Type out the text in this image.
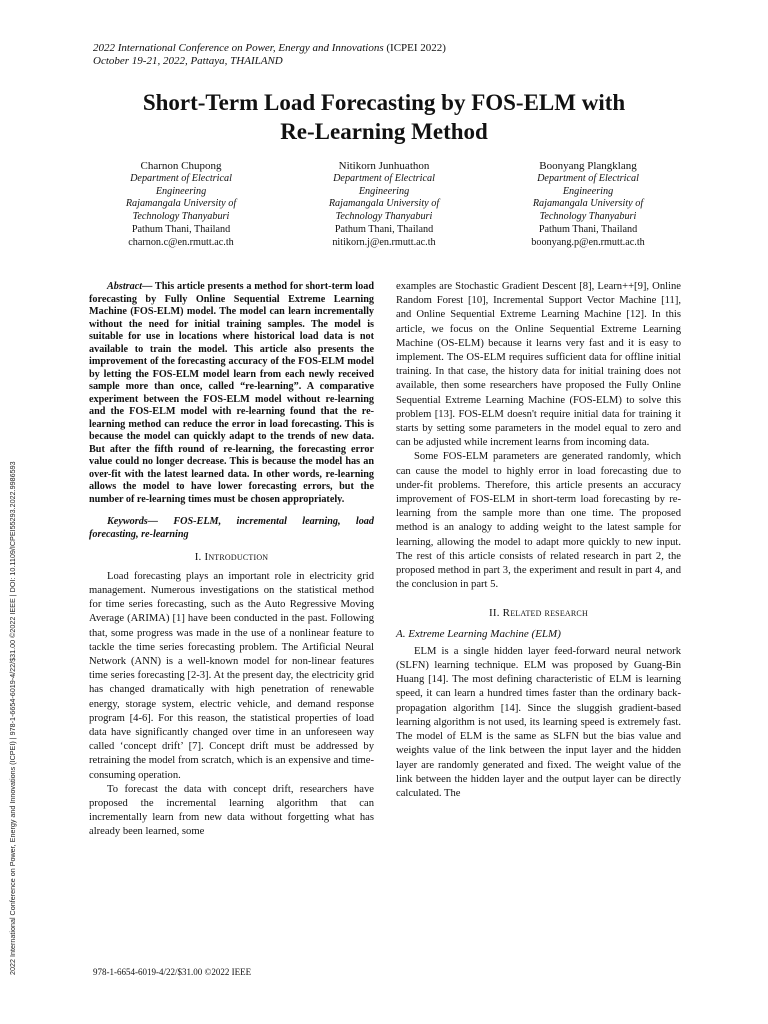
2022 International Conference on Power, Energy and Innovations (ICPEI) | 978-1-6654-6019-4/22/$31.00 ©2022 IEEE | DOI: 10.1109/ICPEI55293.2022.9986593
2022 International Conference on Power, Energy and Innovations (ICPEI 2022)
October 19-21, 2022, Pattaya, THAILAND
Short-Term Load Forecasting by FOS-ELM with
Re-Learning Method
Charnon Chupong
Department of Electrical
Engineering
Rajamangala University of
Technology Thanyaburi
Pathum Thani, Thailand
charnon.c@en.rmutt.ac.th
Nitikorn Junhuathon
Department of Electrical
Engineering
Rajamangala University of
Technology Thanyaburi
Pathum Thani, Thailand
nitikorn.j@en.rmutt.ac.th
Boonyang Plangklang
Department of Electrical
Engineering
Rajamangala University of
Technology Thanyaburi
Pathum Thani, Thailand
boonyang.p@en.rmutt.ac.th

Abstract— This article presents a method for short-term load forecasting by Fully Online Sequential Extreme Learning Machine (FOS-ELM) model. The model can learn incrementally without the need for initial training samples. The model is suitable for use in locations where historical load data is not available to train the model. This article also presents the improvement of the forecasting accuracy of the FOS-ELM model by letting the FOS-ELM model learn from each newly received sample more than once, called “re-learning”. A comparative experiment between the FOS-ELM model without re-learning and the FOS-ELM model with re-learning found that the re-learning method can reduce the error in load forecasting. This is because the model can quickly adapt to the trends of new data. But after the fifth round of re-learning, the forecasting error value could no longer decrease. This is because the model has an over-fit with the latest learned data. In other words, re-learning allows the model to have lower forecasting errors, but the number of re-learning times must be chosen appropriately.

Keywords— FOS-ELM, incremental learning, load forecasting, re-learning

I. Introduction

Load forecasting plays an important role in electricity grid management. Numerous investigations on the statistical method for time series forecasting, such as the Auto Regressive Moving Average (ARIMA) [1] have been conducted in the past. Following that, some progress was made in the use of a nonlinear feature to tackle the time series forecasting problem. The Artificial Neural Network (ANN) is a well-known model for non-linear features time series forecasting [2-3]. At the present day, the electricity grid has changed dramatically with high penetration of renewable energy, storage system, electric vehicle, and demand response program [4-6]. For this reason, the statistical properties of load data have significantly changed over time in an unforeseen way called ‘concept drift’ [7]. Concept drift must be addressed by retraining the model from scratch, which is an expensive and time-consuming operation.

To forecast the data with concept drift, researchers have proposed the incremental learning algorithm that can incrementally learn from new data without forgetting what has already been learned, some

examples are Stochastic Gradient Descent [8], Learn++[9], Online Random Forest [10], Incremental Support Vector Machine [11], and Online Sequential Extreme Learning Machine [12]. In this article, we focus on the Online Sequential Extreme Learning Machine (OS-ELM) because it learns very fast and it is easy to implement. The OS-ELM requires sufficient data for offline initial training. In that case, the history data for initial training does not available, then some researchers have proposed the Fully Online Sequential Extreme Learning Machine (FOS-ELM) to solve this problem [13]. FOS-ELM doesn't require initial data for training it starts by setting some parameters in the model equal to zero and can be adjusted while increment learns from incoming data.

Some FOS-ELM parameters are generated randomly, which can cause the model to highly error in load forecasting due to under-fit problems. Therefore, this article presents an accuracy improvement of FOS-ELM in short-term load forecasting by re-learning from the sample more than one time. The proposed method is an analogy to adding weight to the latest sample for learning, allowing the model to adapt more quickly to new input. The rest of this article consists of related research in part 2, the proposed method in part 3, the experiment and result in part 4, and the conclusion in part 5.

II. Related research

A. Extreme Learning Machine (ELM)

ELM is a single hidden layer feed-forward neural network (SLFN) learning technique. ELM was proposed by Guang-Bin Huang [14]. The most defining characteristic of ELM is learning speed, it can learn a hundred times faster than the ordinary back-propagation algorithm [14]. Since the sluggish gradient-based learning algorithm is not used, its learning speed is extremely fast. The model of ELM is the same as SLFN but the bias value and weights value of the link between the input layer and the hidden layer are randomly generated and fixed. The weight value of the link between the hidden layer and the output layer can be directly calculated. The

978-1-6654-6019-4/22/$31.00 ©2022 IEEE
